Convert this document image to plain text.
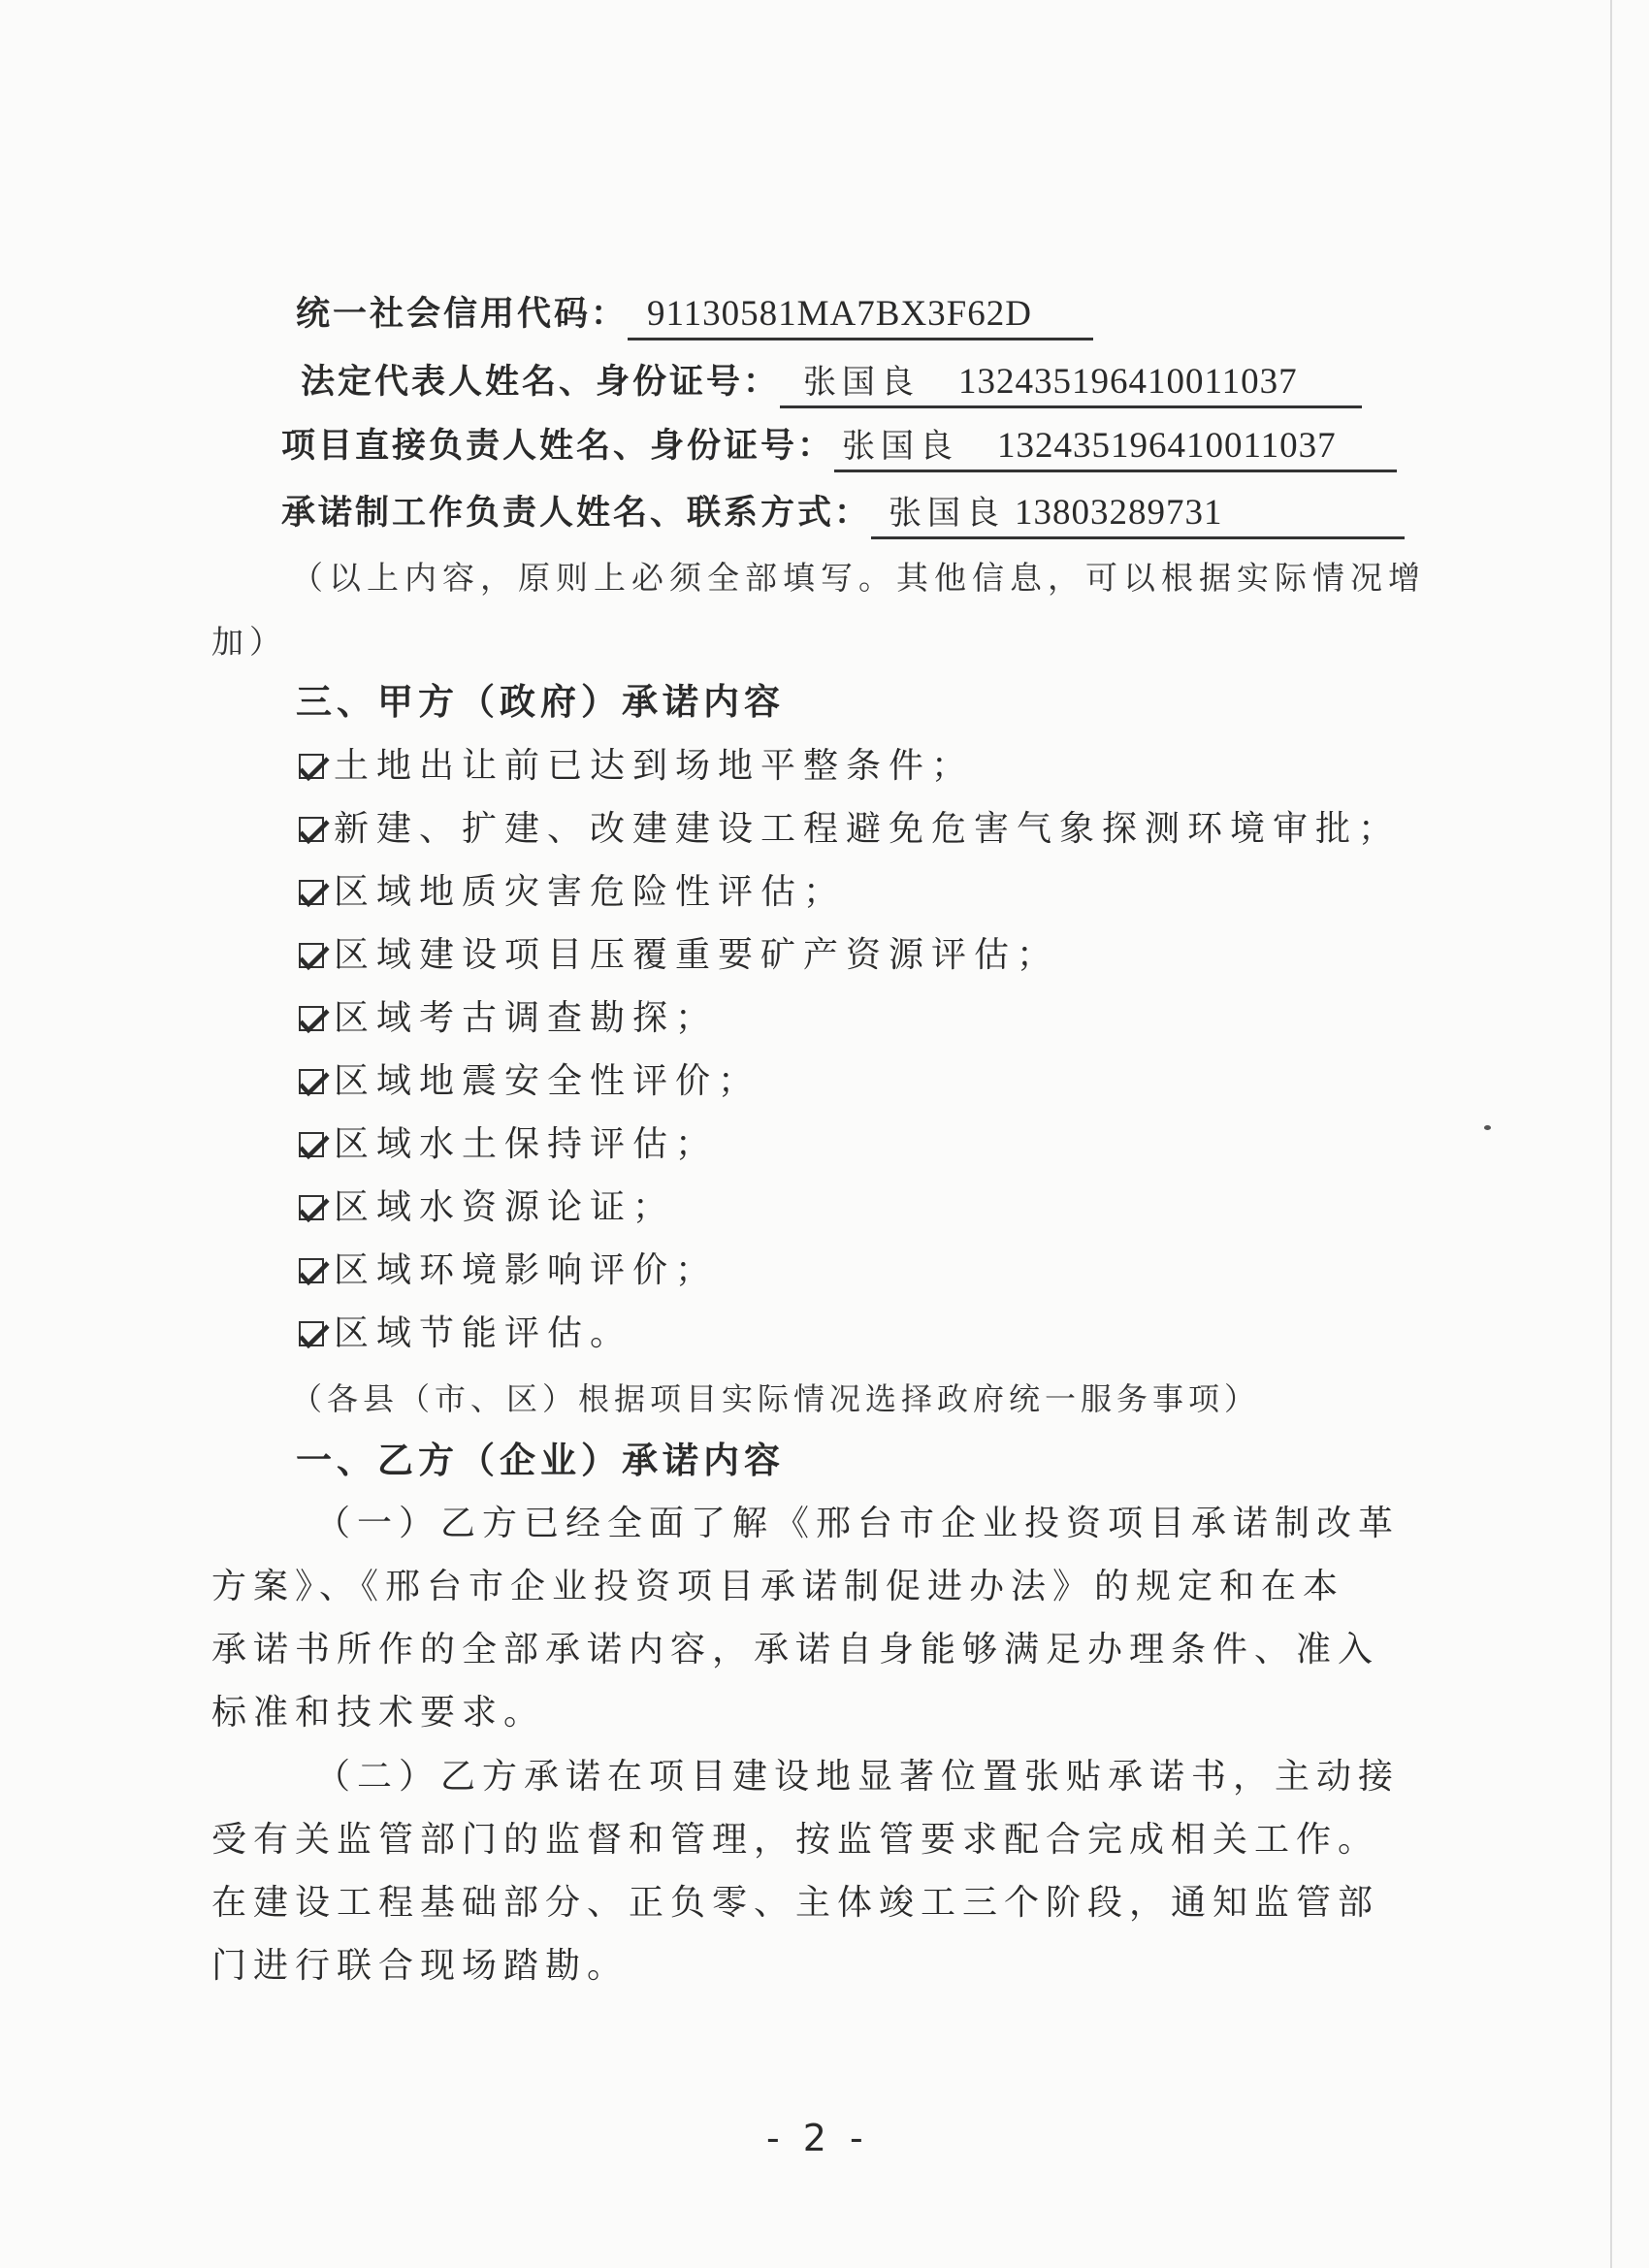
统一社会信用代码： 91130581MA7BX3F62D
法定代表人姓名、身份证号： 张国良 132435196410011037
项目直接负责人姓名、身份证号： 张国良 132435196410011037
承诺制工作负责人姓名、联系方式： 张国良 13803289731
（以上内容，原则上必须全部填写。其他信息，可以根据实际情况增
加）
三、甲方（政府）承诺内容
土地出让前已达到场地平整条件；
新建、扩建、改建建设工程避免危害气象探测环境审批；
区域地质灾害危险性评估；
区域建设项目压覆重要矿产资源评估；
区域考古调查勘探；
区域地震安全性评价；
区域水土保持评估；
区域水资源论证；
区域环境影响评价；
区域节能评估。
（各县（市、区）根据项目实际情况选择政府统一服务事项）
一、乙方（企业）承诺内容
（一）乙方已经全面了解《邢台市企业投资项目承诺制改革
方案》、《邢台市企业投资项目承诺制促进办法》的规定和在本
承诺书所作的全部承诺内容，承诺自身能够满足办理条件、准入
标准和技术要求。
（二）乙方承诺在项目建设地显著位置张贴承诺书，主动接
受有关监管部门的监督和管理，按监管要求配合完成相关工作。
在建设工程基础部分、正负零、主体竣工三个阶段，通知监管部
门进行联合现场踏勘。
- 2 -
